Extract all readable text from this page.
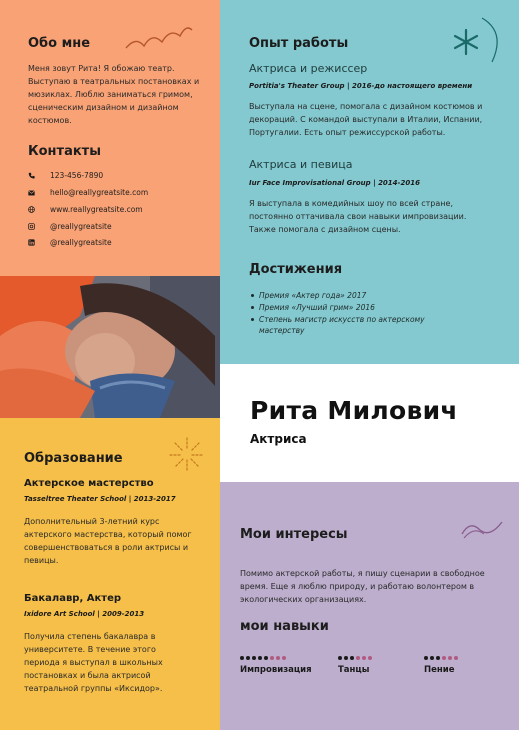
Обо мне
Меня зовут Рита! Я обожаю театр. Выступаю в театральных постановках и мюзиклах. Люблю заниматься гримом, сценическим дизайном и дизайном костюмов.
Контакты
123-456-7890
hello@reallygreatsite.com
www.reallygreatsite.com
@reallygreatsite
@reallygreatsite
Опыт работы
Актриса и режиссер
Portitia's Theater Group | 2016-до настоящего времени
Выступала на сцене, помогала с дизайном костюмов и декораций. С командой выступали в Италии, Испании, Португалии. Есть опыт режиссурской работы.
Актриса и певица
Iur Face Improvisational Group | 2014-2016
Я выступала в комедийных шоу по всей стране, постоянно оттачивала свои навыки импровизации. Также помогала с дизайном сцены.
Достижения
Премия «Актер года» 2017
Премия «Лучший грим» 2016
Степень магистр искусств по актерскому мастерству
Рита Милович
Актриса
Образование
Актерское мастерство
Tasseltree Theater School | 2013-2017
Дополнительный 3-летний курс актерского мастерства, который помог совершенствоваться в роли актрисы и певицы.
Бакалавр, Актер
Ixidore Art School | 2009-2013
Получила степень бакалавра в университете. В течение этого периода я выступал в школьных постановках и была актрисой театральной группы «Иксидор».
Мои интересы
Помимо актерской работы, я пишу сценарии в свободное время. Еще я люблю природу, и работаю волонтером в экологических организациях.
мои навыки
Импровизация	Танцы	Пение
